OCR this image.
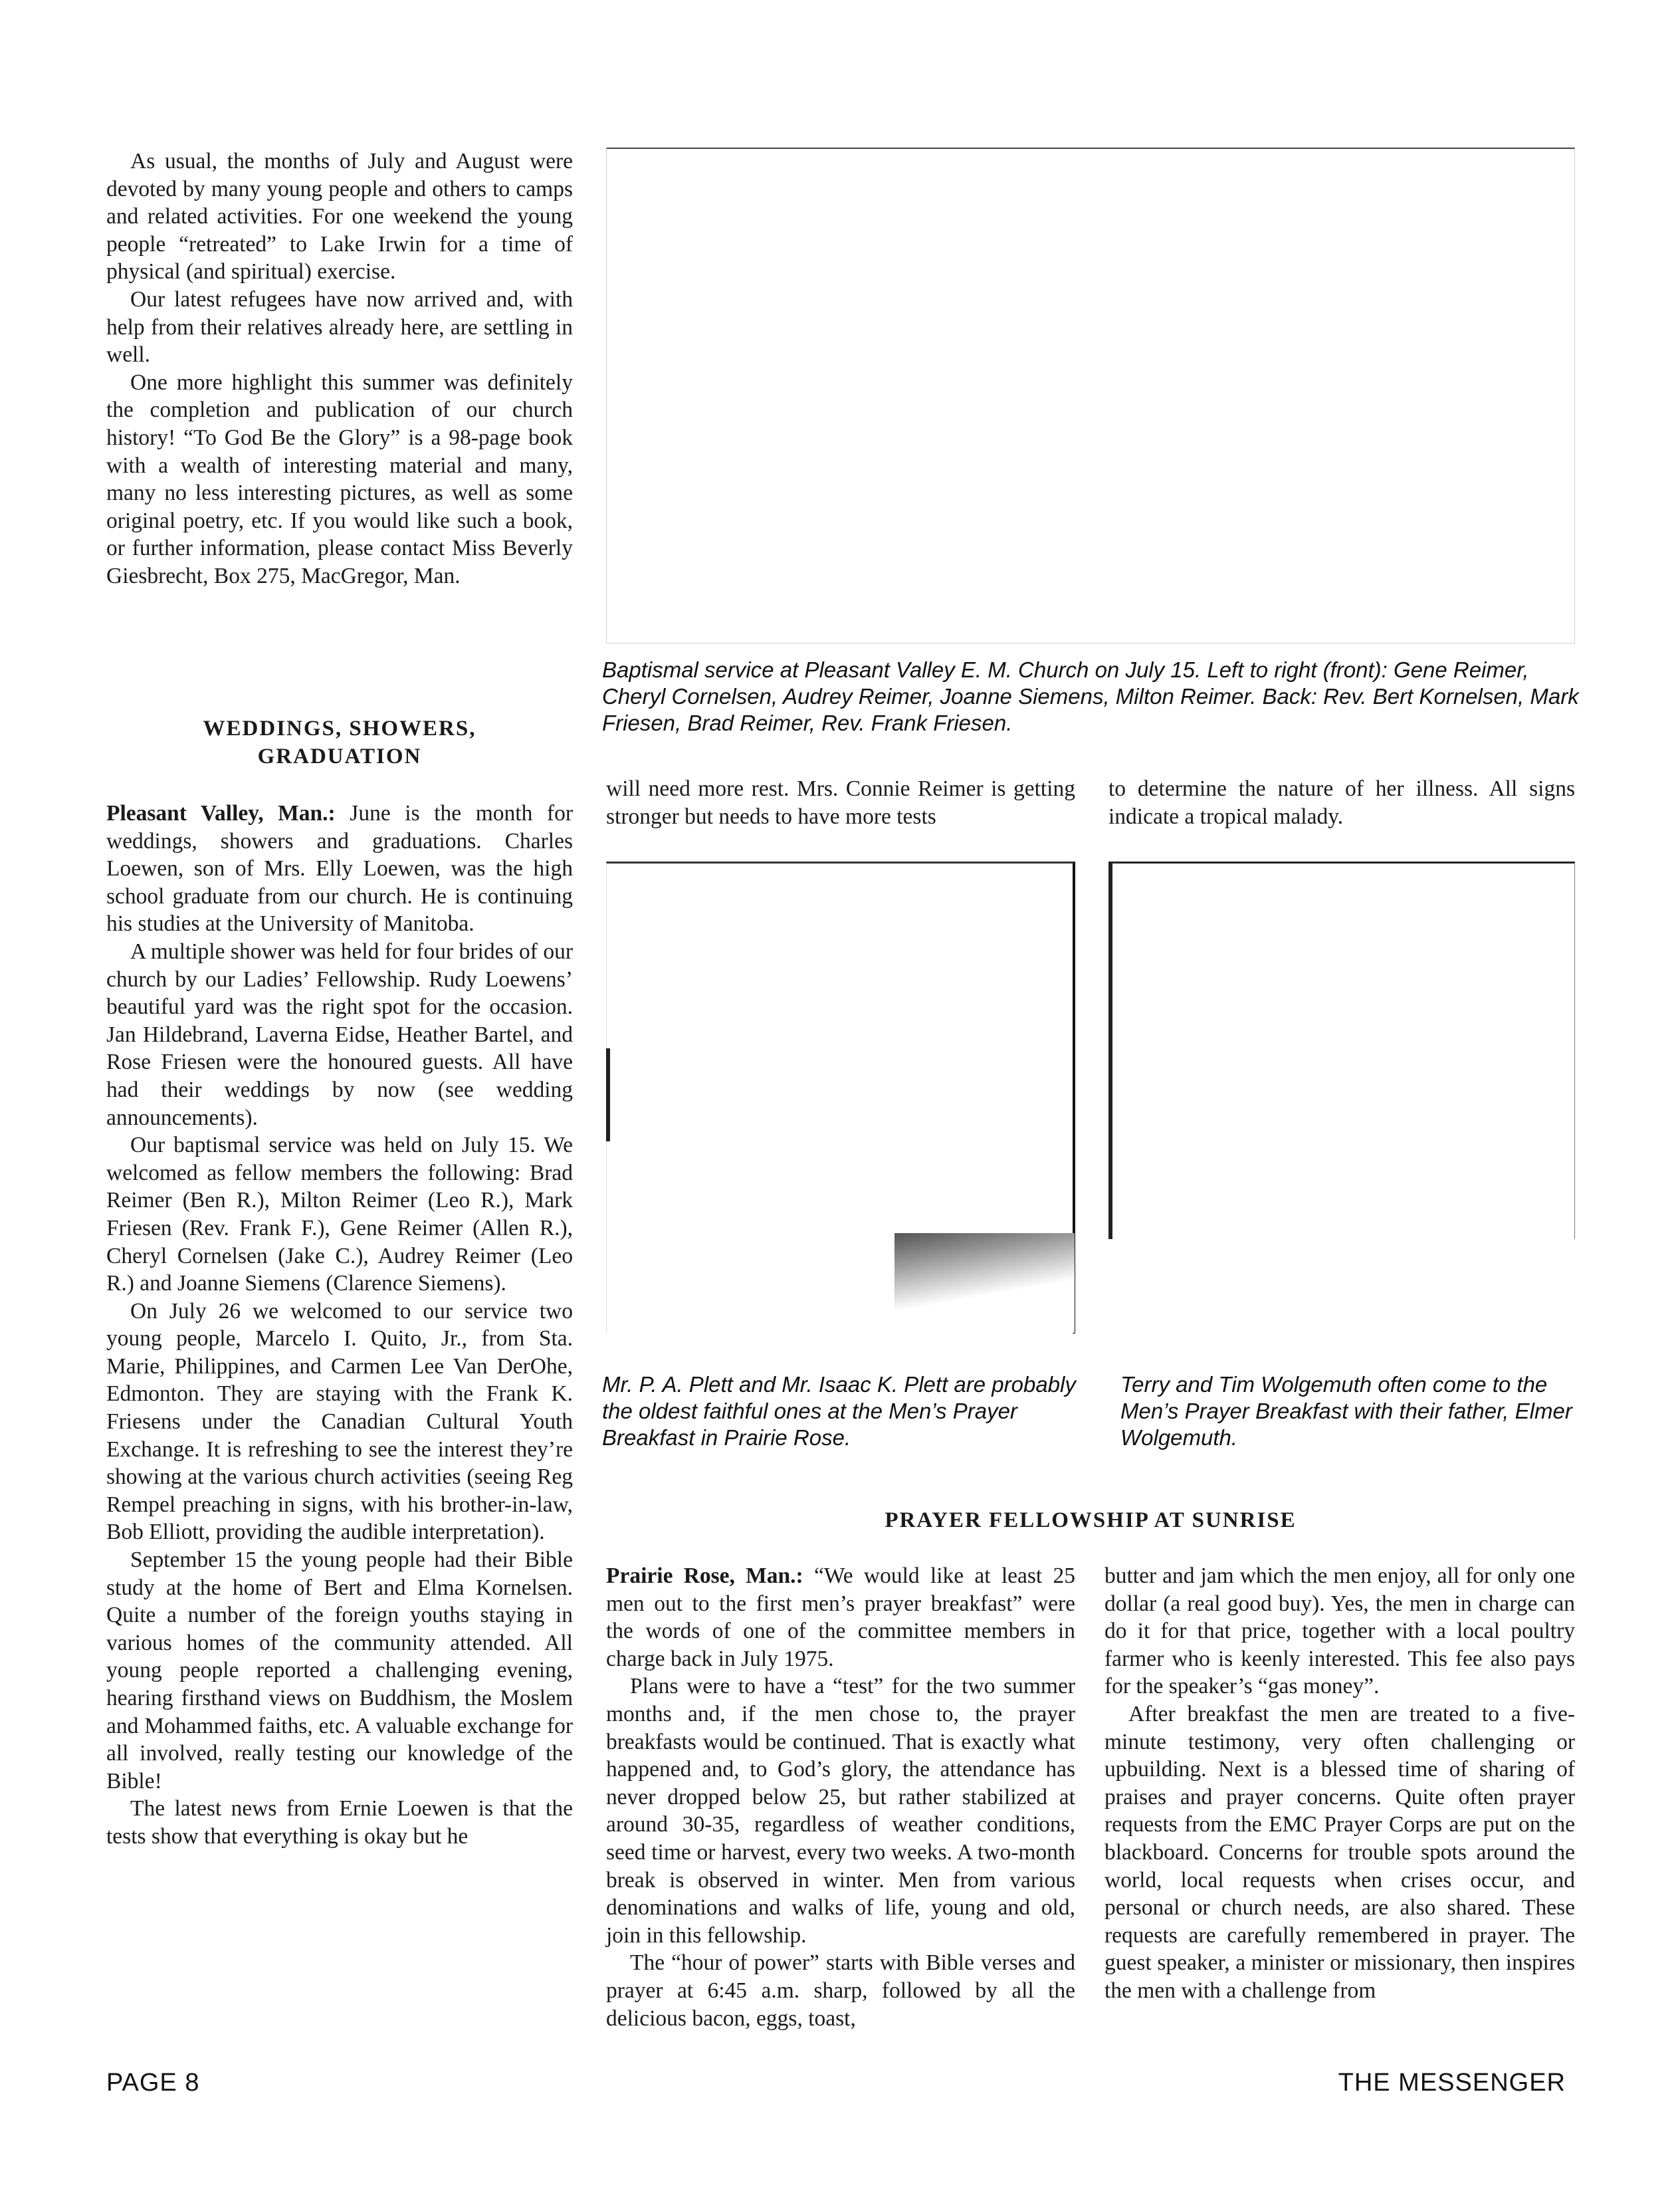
As usual, the months of July and August were devoted by many young people and others to camps and related activities. For one weekend the young people “retreated” to Lake Irwin for a time of physical (and spiritual) exercise.

Our latest refugees have now arrived and, with help from their relatives already here, are settling in well.

One more highlight this summer was definitely the completion and publication of our church history! “To God Be the Glory” is a 98-page book with a wealth of interesting material and many, many no less interesting pictures, as well as some original poetry, etc. If you would like such a book, or further information, please contact Miss Beverly Giesbrecht, Box 275, MacGregor, Man.

WEDDINGS, SHOWERS,
GRADUATION

Pleasant Valley, Man.: June is the month for weddings, showers and graduations. Charles Loewen, son of Mrs. Elly Loewen, was the high school graduate from our church. He is continuing his studies at the University of Manitoba.

A multiple shower was held for four brides of our church by our Ladies’ Fellowship. Rudy Loewens’ beautiful yard was the right spot for the occasion. Jan Hildebrand, Laverna Eidse, Heather Bartel, and Rose Friesen were the honoured guests. All have had their weddings by now (see wedding announcements).

Our baptismal service was held on July 15. We welcomed as fellow members the following: Brad Reimer (Ben R.), Milton Reimer (Leo R.), Mark Friesen (Rev. Frank F.), Gene Reimer (Allen R.), Cheryl Cornelsen (Jake C.), Audrey Reimer (Leo R.) and Joanne Siemens (Clarence Siemens).

On July 26 we welcomed to our service two young people, Marcelo I. Quito, Jr., from Sta. Marie, Philippines, and Carmen Lee Van DerOhe, Edmonton. They are staying with the Frank K. Friesens under the Canadian Cultural Youth Exchange. It is refreshing to see the interest they’re showing at the various church activities (seeing Reg Rempel preaching in signs, with his brother-in-law, Bob Elliott, providing the audible interpretation).

September 15 the young people had their Bible study at the home of Bert and Elma Kornelsen. Quite a number of the foreign youths staying in various homes of the community attended. All young people reported a challenging evening, hearing firsthand views on Buddhism, the Moslem and Mohammed faiths, etc. A valuable exchange for all involved, really testing our knowledge of the Bible!

The latest news from Ernie Loewen is that the tests show that everything is okay but he

Baptismal service at Pleasant Valley E. M. Church on July 15. Left to right (front): Gene Reimer, Cheryl Cornelsen, Audrey Reimer, Joanne Siemens, Milton Reimer. Back: Rev. Bert Kornelsen, Mark Friesen, Brad Reimer, Rev. Frank Friesen.

will need more rest. Mrs. Connie Reimer is getting stronger but needs to have more tests

to determine the nature of her illness. All signs indicate a tropical malady.

Mr. P. A. Plett and Mr. Isaac K. Plett are probably the oldest faithful ones at the Men’s Prayer Breakfast in Prairie Rose.
Terry and Tim Wolgemuth often come to the Men’s Prayer Breakfast with their father, Elmer Wolgemuth.
PRAYER FELLOWSHIP AT SUNRISE

Prairie Rose, Man.: “We would like at least 25 men out to the first men’s prayer breakfast” were the words of one of the committee members in charge back in July 1975.

Plans were to have a “test” for the two summer months and, if the men chose to, the prayer breakfasts would be continued. That is exactly what happened and, to God’s glory, the attendance has never dropped below 25, but rather stabilized at around 30-35, regardless of weather conditions, seed time or harvest, every two weeks. A two-month break is observed in winter. Men from various denominations and walks of life, young and old, join in this fellowship.

The “hour of power” starts with Bible verses and prayer at 6:45 a.m. sharp, followed by all the delicious bacon, eggs, toast,

butter and jam which the men enjoy, all for only one dollar (a real good buy). Yes, the men in charge can do it for that price, together with a local poultry farmer who is keenly interested. This fee also pays for the speaker’s “gas money”.

After breakfast the men are treated to a five-minute testimony, very often challenging or upbuilding. Next is a blessed time of sharing of praises and prayer concerns. Quite often prayer requests from the EMC Prayer Corps are put on the blackboard. Concerns for trouble spots around the world, local requests when crises occur, and personal or church needs, are also shared. These requests are carefully remembered in prayer. The guest speaker, a minister or missionary, then inspires the men with a challenge from

PAGE 8	THE MESSENGER
